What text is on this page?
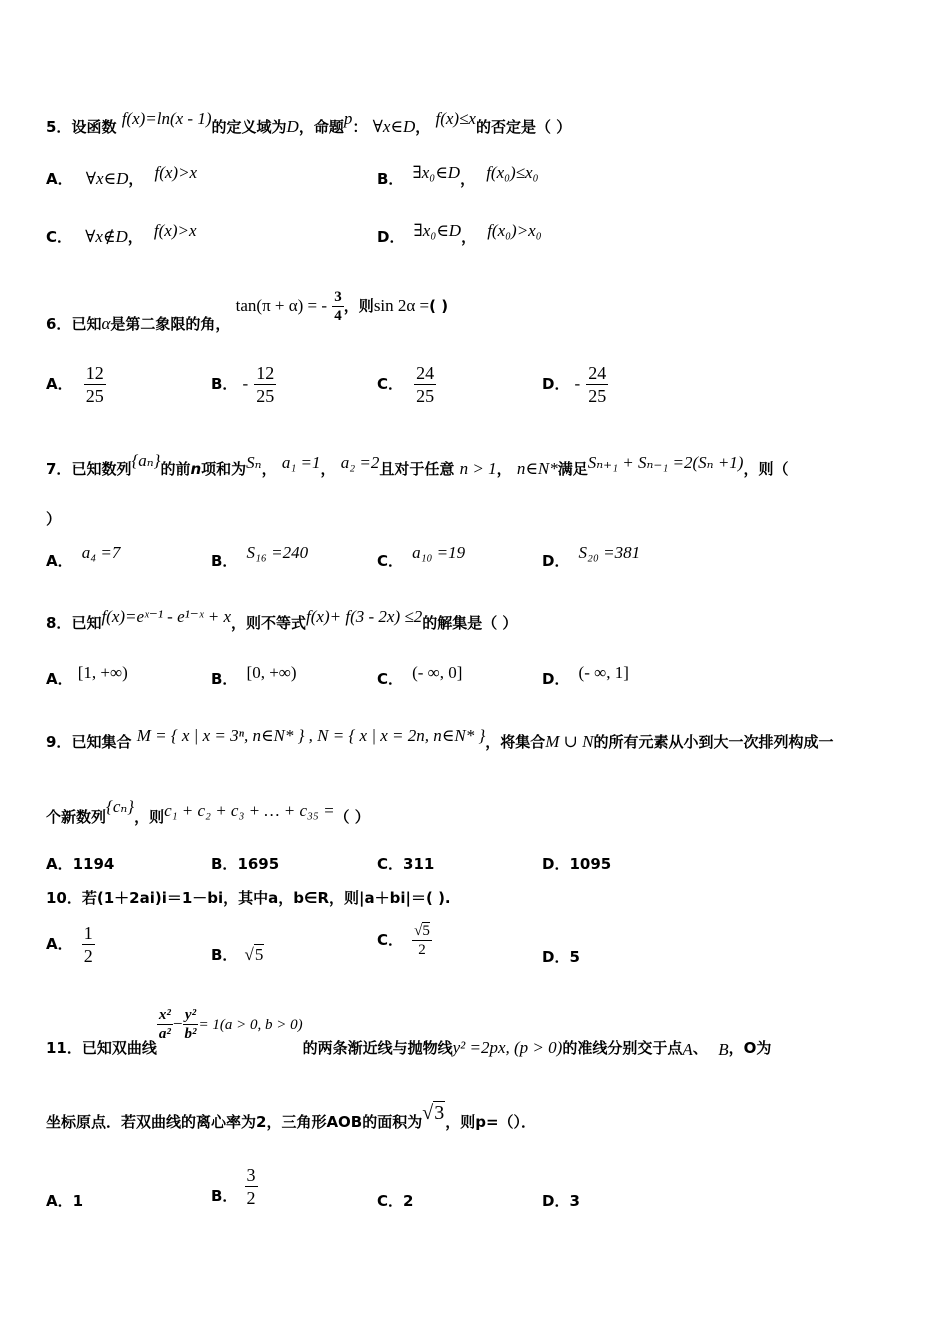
5．设函数 f(x)=ln(x - 1)的定义域为D，命题p： ∀x∈D， f(x)≤x的否定是（ ）
A． ∀x∈D， f(x)>x	B． ∃x₀∈D， f(x₀)≤x₀
C． ∀x∉D， f(x)>x	D． ∃x₀∈D， f(x₀)>x₀
6．已知α是第二象限的角， tan(π + α) = - $\frac{3}{4}$ ，则sin 2α =( )
A． $\frac{12}{25}$	B． - $\frac{12}{25}$	C． $\frac{24}{25}$	D． - $\frac{24}{25}$
7．已知数列{aₙ}的前n项和为Sₙ， a₁ =1， a₂ =2且对于任意 n > 1， n∈N*满足Sₙ₊₁ + Sₙ₋₁ =2(Sₙ +1)，则（
）
A． a₄ =7	B． S₁₆ =240	C． a₁₀ =19	D． S₂₀ =381
8．已知f(x)=eˣ⁻¹ - e¹⁻ˣ + x，则不等式f(x)+ f(3 - 2x) ≤2的解集是（ ）
A． [1, +∞)	B． [0, +∞)	C． (- ∞, 0]	D． (- ∞, 1]
9．已知集合 M = { x | x = 3ⁿ, n∈N* } , N = { x | x = 2n, n∈N* }，将集合M ∪ N的所有元素从小到大一次排列构成一
个新数列{cₙ}，则c₁ + c₂ + c₃ + … + c₃₅ =（ ）
A．1194	B．1695	C．311	D．1095
10．若(1＋2ai)i＝1－bi，其中a，b∈R，则|a＋bi|＝( ).
A． $\frac{1}{2}$	B． √5
C． $\frac{√5}{2}$	D．5
11．已知双曲线
$\frac{\text{x²}}{\text{a²}} - \frac{\text{y²}}{\text{b²}} = 1(a > 0$, b > 0)的两条渐近线与抛物线y² =2px, (p > 0)的准线分别交于点A、 B，O为
坐标原点．若双曲线的离心率为2，三角形AOB的面积为√3，则p=（）．
A．1	B． $\frac{3}{2}$	C．2	D．3
